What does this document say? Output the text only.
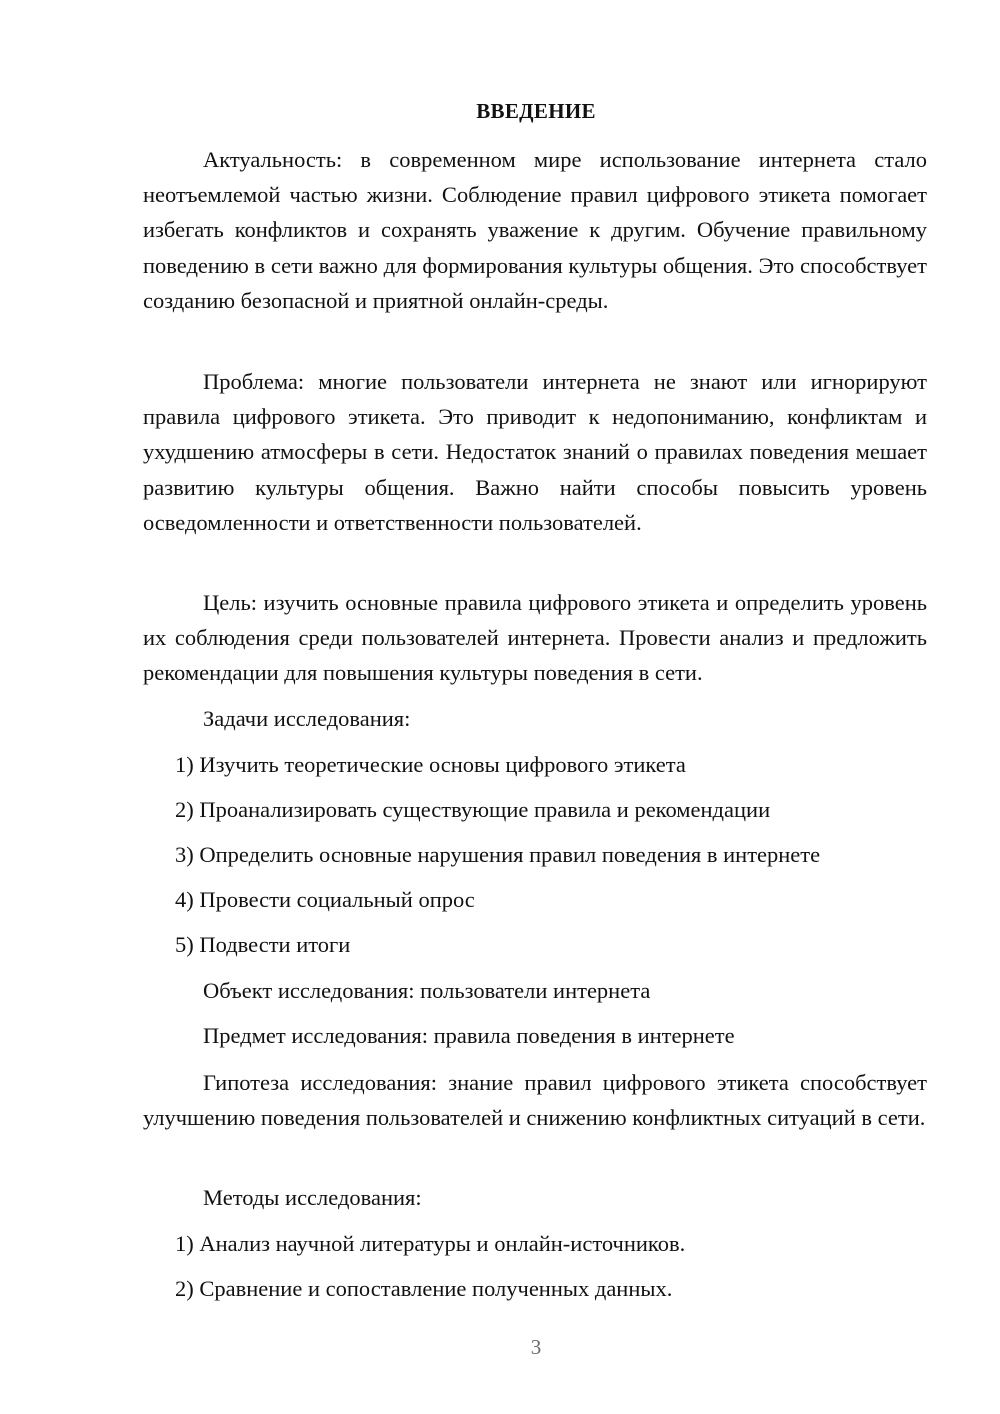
ВВЕДЕНИЕ

Актуальность: в современном мире использование интернета стало неотъемлемой частью жизни. Соблюдение правил цифрового этикета помогает избегать конфликтов и сохранять уважение к другим. Обучение правильному поведению в сети важно для формирования культуры общения. Это способствует созданию безопасной и приятной онлайн-среды.

Проблема: многие пользователи интернета не знают или игнорируют правила цифрового этикета. Это приводит к недопониманию, конфликтам и ухудшению атмосферы в сети. Недостаток знаний о правилах поведения мешает развитию культуры общения. Важно найти способы повысить уровень осведомленности и ответственности пользователей.

Цель: изучить основные правила цифрового этикета и определить уровень их соблюдения среди пользователей интернета. Провести анализ и предложить рекомендации для повышения культуры поведения в сети.

Задачи исследования:
1) Изучить теоретические основы цифрового этикета
2) Проанализировать существующие правила и рекомендации
3) Определить основные нарушения правил поведения в интернете
4) Провести социальный опрос
5) Подвести итоги
Объект исследования: пользователи интернета
Предмет исследования: правила поведения в интернете

Гипотеза исследования: знание правил цифрового этикета способствует улучшению поведения пользователей и снижению конфликтных ситуаций в сети.

Методы исследования:
1) Анализ научной литературы и онлайн-источников.
2) Сравнение и сопоставление полученных данных.
3
